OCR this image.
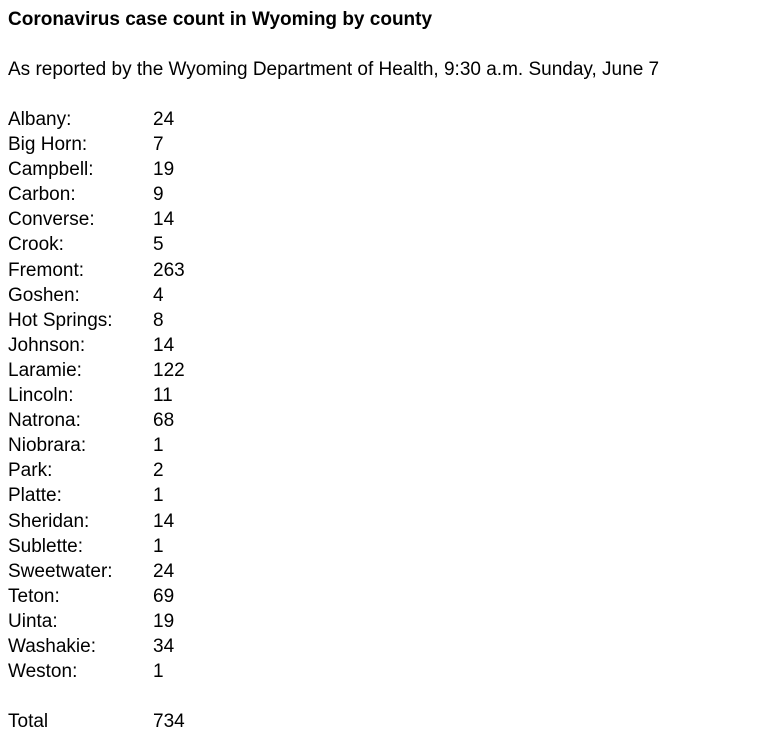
Coronavirus case count in Wyoming by county
As reported by the Wyoming Department of Health, 9:30 a.m. Sunday, June 7
Albany:	24
Big Horn:	7
Campbell:	19
Carbon:	9
Converse:	14
Crook:	5
Fremont:	263
Goshen:	4
Hot Springs: 8
Johnson:	14
Laramie:	122
Lincoln:	11
Natrona:	68
Niobrara:	1
Park:	2
Platte:	1
Sheridan:	14
Sublette:	1
Sweetwater: 24
Teton:	69
Uinta:	19
Washakie:	34
Weston:	1
Total	734
